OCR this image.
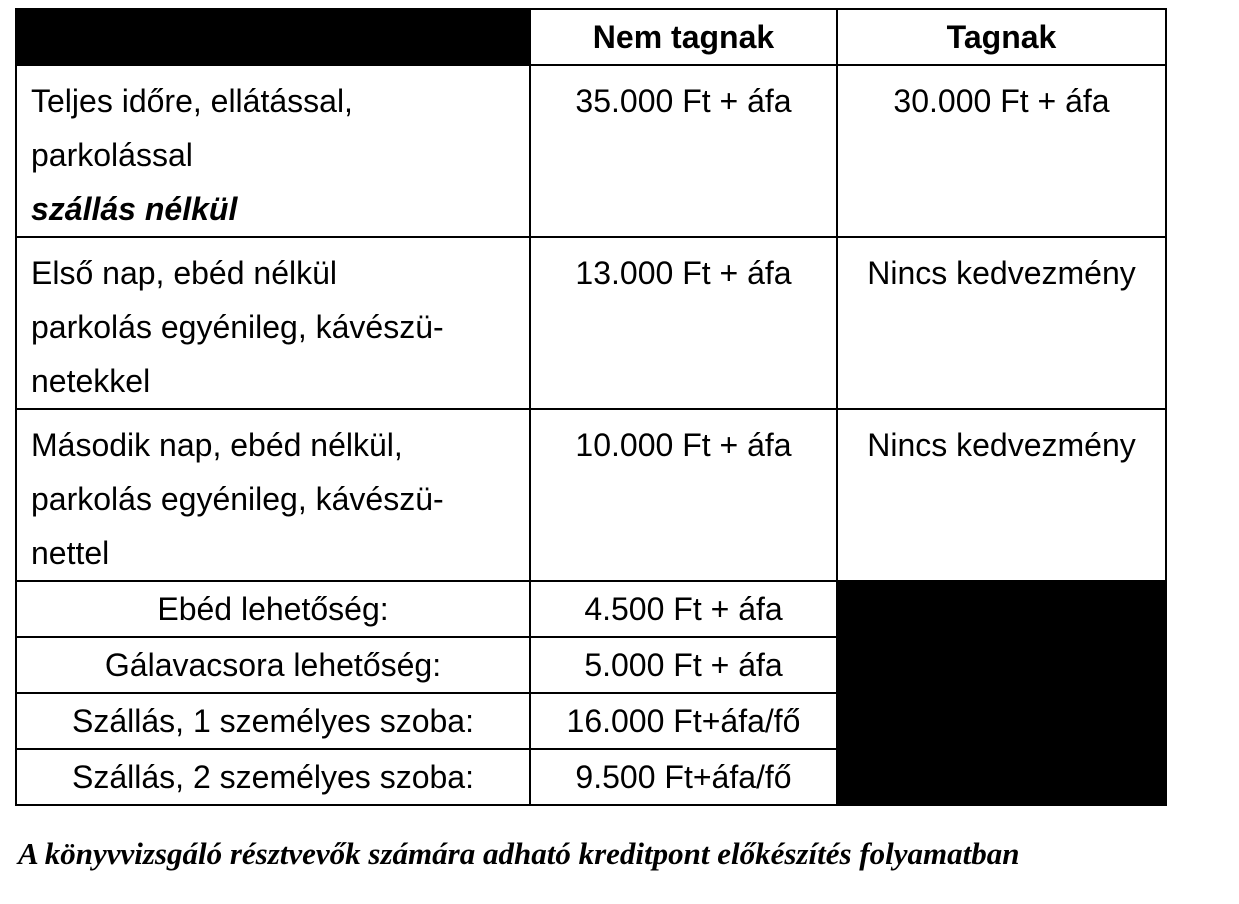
	Nem tagnak	Tagnak

Teljes időre, ellátással,
parkolással
szállás nélkül	35.000 Ft + áfa	30.000 Ft + áfa

Első nap, ebéd nélkül
parkolás egyénileg, kávészü-
netekkel	13.000 Ft + áfa	Nincs kedvezmény

Második nap, ebéd nélkül,
parkolás egyénileg, kávészü-
nettel	10.000 Ft + áfa	Nincs kedvezmény
Ebéd lehetőség:	4.500 Ft + áfa	
Gálavacsora lehetőség:	5.000 Ft + áfa	
Szállás, 1 személyes szoba:	16.000 Ft+áfa/fő	
Szállás, 2 személyes szoba:	9.500 Ft+áfa/fő	

A könyvvizsgáló résztvevők számára adható kreditpont előkészítés folyamatban
